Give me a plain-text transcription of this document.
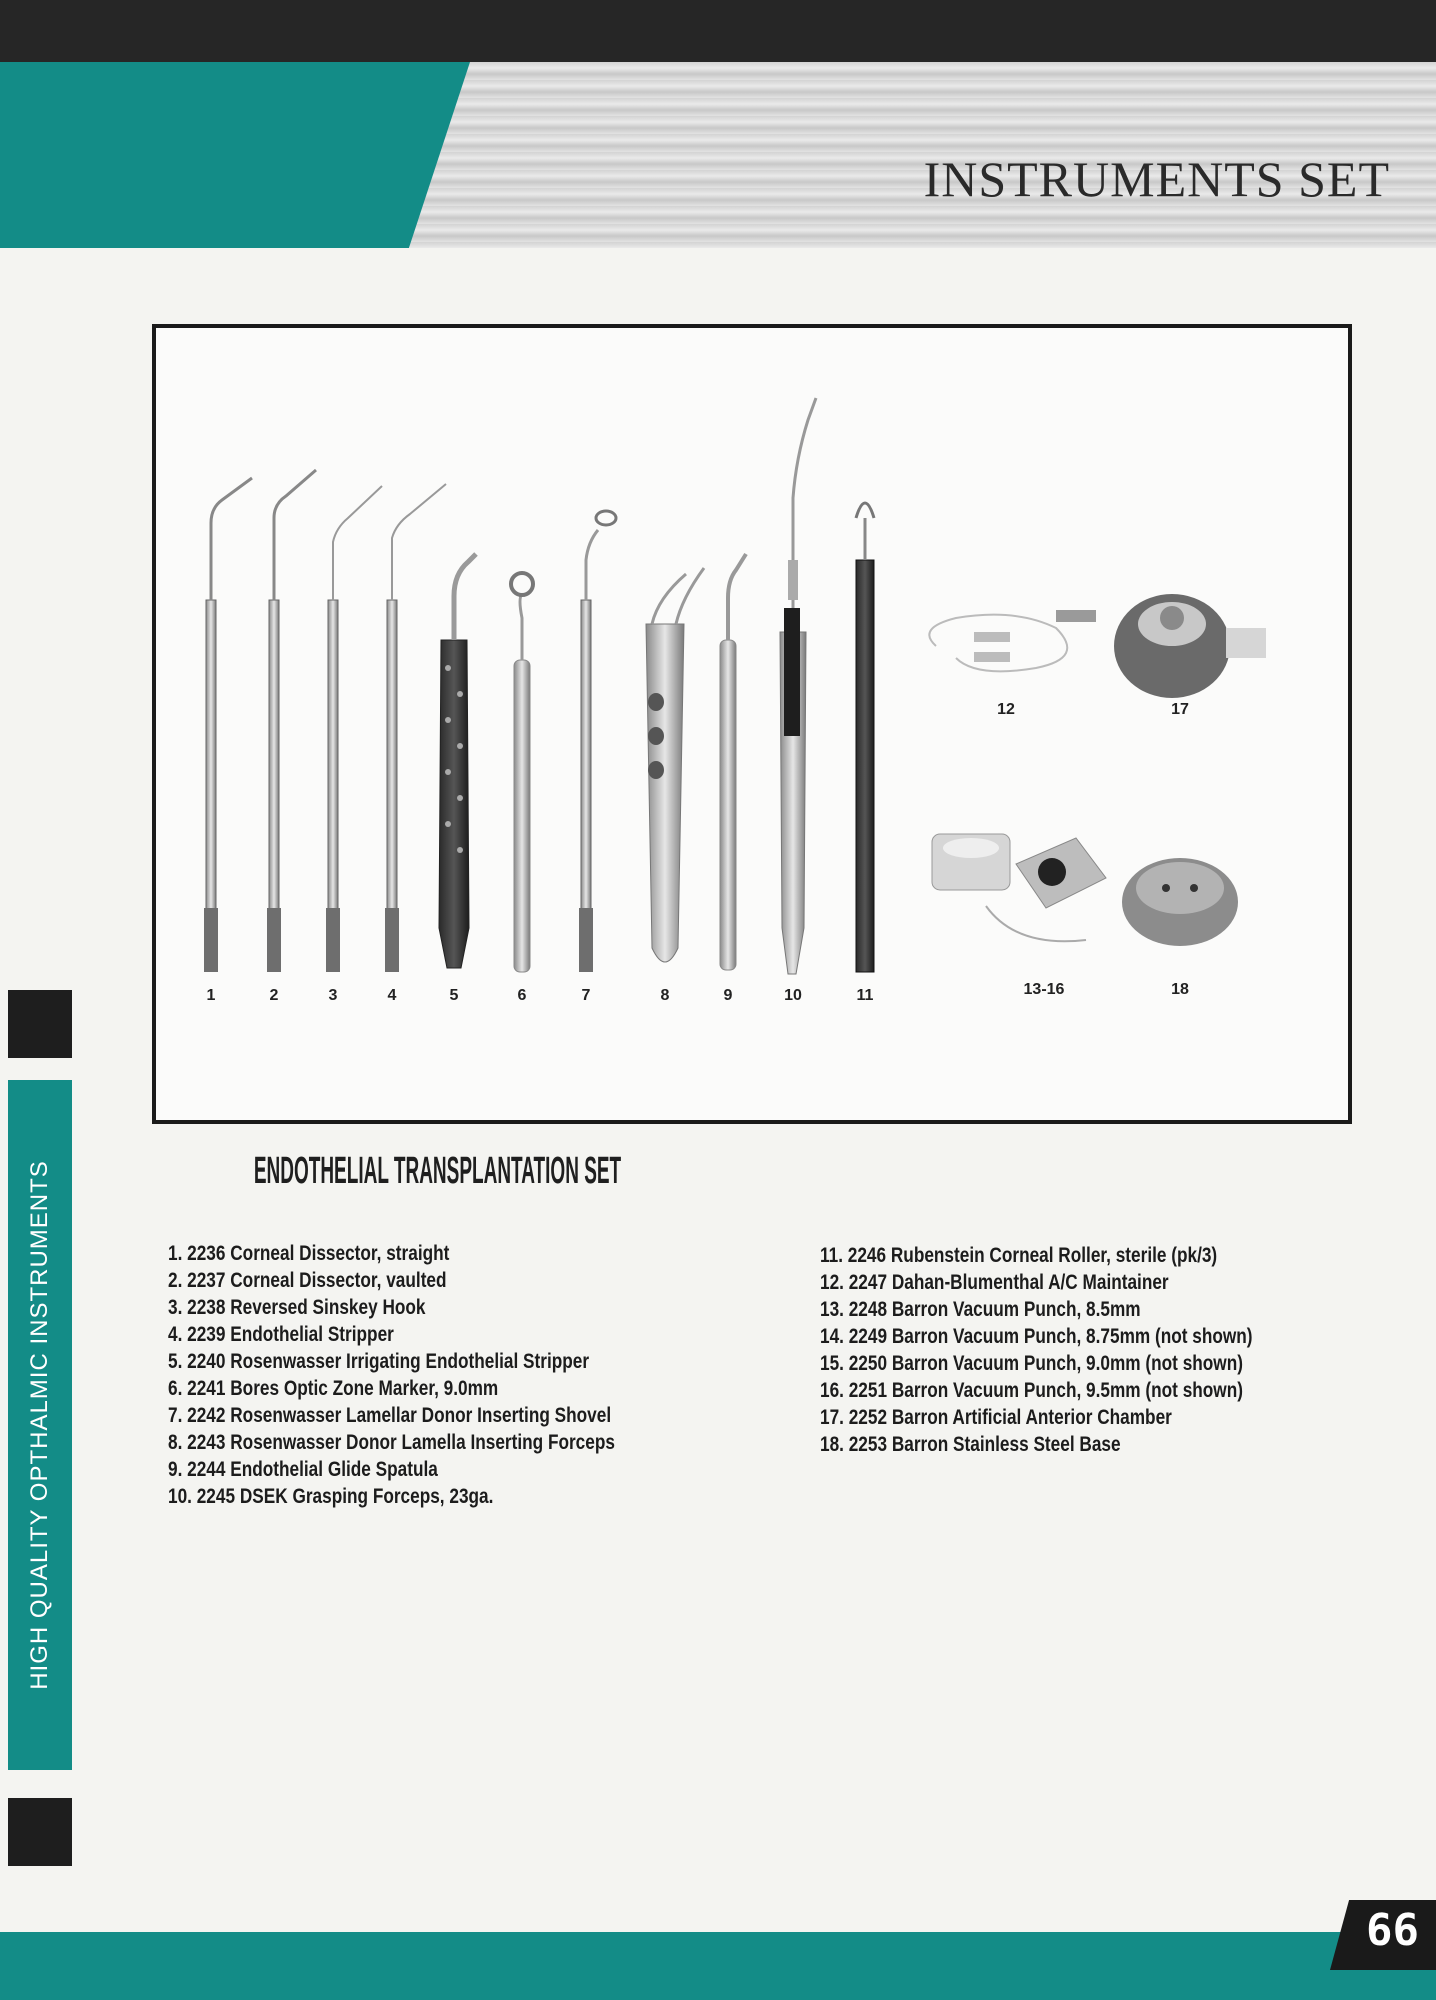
INSTRUMENTS SET
1	2	3	4	5	6	7	8	9	10	11
12	17
13-16	18
HIGH QUALITY OPTHALMIC INSTRUMENTS	ENDOTHELIAL TRANSPLANTATION SET
1. 2236 Corneal Dissector, straight
2. 2237 Corneal Dissector, vaulted
3. 2238 Reversed Sinskey Hook
4. 2239 Endothelial Stripper
5. 2240 Rosenwasser Irrigating Endothelial Stripper
6. 2241 Bores Optic Zone Marker, 9.0mm
7. 2242 Rosenwasser Lamellar Donor Inserting Shovel
8. 2243 Rosenwasser Donor Lamella Inserting Forceps
9. 2244 Endothelial Glide Spatula
10. 2245 DSEK Grasping Forceps, 23ga.
11. 2246 Rubenstein Corneal Roller, sterile (pk/3)
12. 2247 Dahan-Blumenthal A/C Maintainer
13. 2248 Barron Vacuum Punch, 8.5mm
14. 2249 Barron Vacuum Punch, 8.75mm (not shown)
15. 2250 Barron Vacuum Punch, 9.0mm (not shown)
16. 2251 Barron Vacuum Punch, 9.5mm (not shown)
17. 2252 Barron Artificial Anterior Chamber
18. 2253 Barron Stainless Steel Base
66
